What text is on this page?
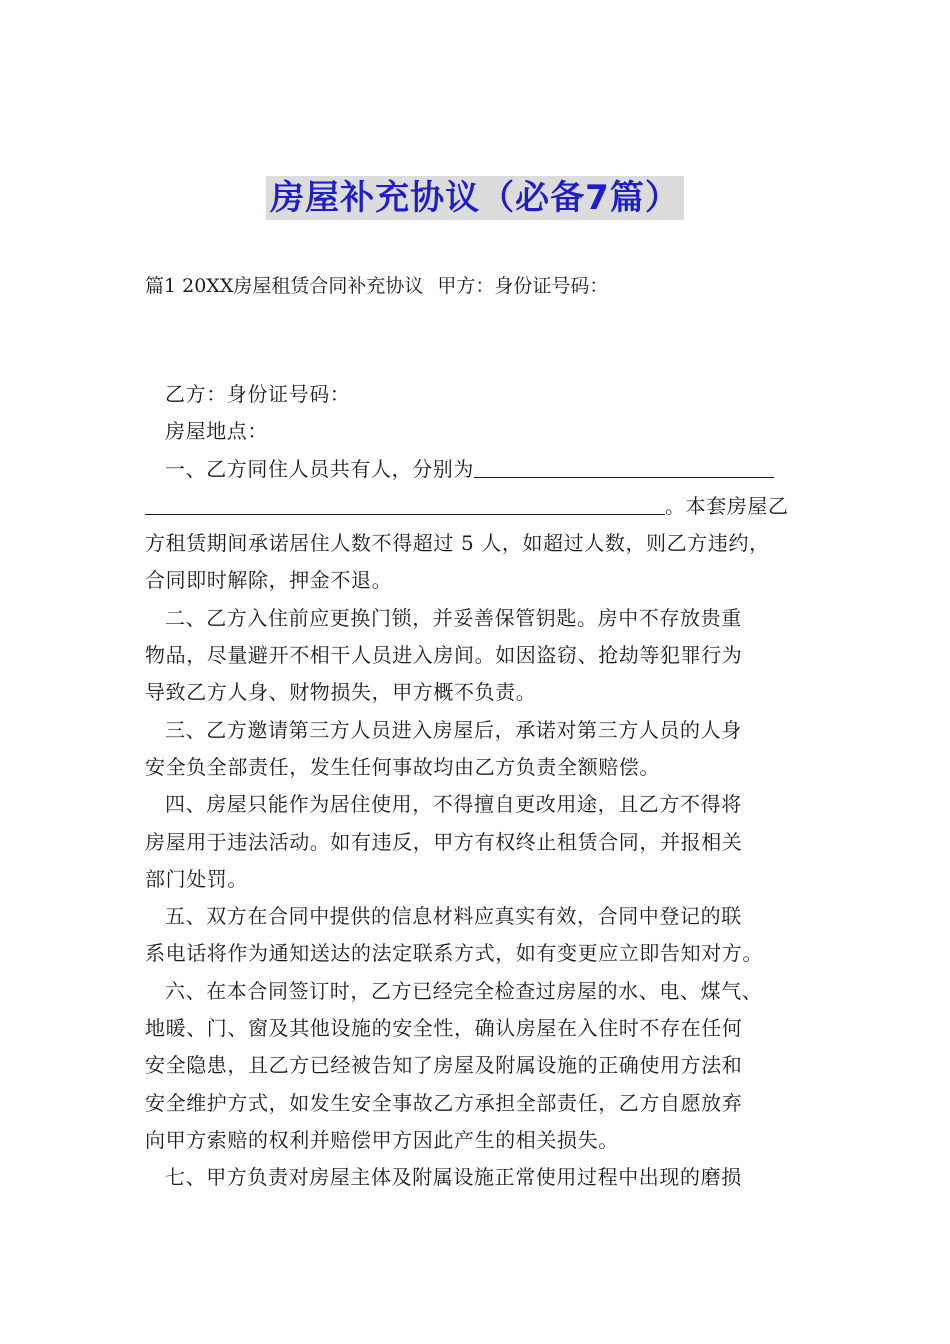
房屋补充协议（必备7篇）
篇1 20XX房屋租赁合同补充协议 甲方：身份证号码：
乙方：身份证号码：
房屋地点：
一、乙方同住人员共有人，分别为
。本套房屋乙
方租赁期间承诺居住人数不得超过 5 人，如超过人数，则乙方违约，
合同即时解除，押金不退。
二、乙方入住前应更换门锁，并妥善保管钥匙。房中不存放贵重
物品，尽量避开不相干人员进入房间。如因盗窃、抢劫等犯罪行为
导致乙方人身、财物损失，甲方概不负责。
三、乙方邀请第三方人员进入房屋后，承诺对第三方人员的人身
安全负全部责任，发生任何事故均由乙方负责全额赔偿。
四、房屋只能作为居住使用，不得擅自更改用途，且乙方不得将
房屋用于违法活动。如有违反，甲方有权终止租赁合同，并报相关
部门处罚。
五、双方在合同中提供的信息材料应真实有效，合同中登记的联
系电话将作为通知送达的法定联系方式，如有变更应立即告知对方。
六、在本合同签订时，乙方已经完全检查过房屋的水、电、煤气、
地暖、门、窗及其他设施的安全性，确认房屋在入住时不存在任何
安全隐患，且乙方已经被告知了房屋及附属设施的正确使用方法和
安全维护方式，如发生安全事故乙方承担全部责任，乙方自愿放弃
向甲方索赔的权利并赔偿甲方因此产生的相关损失。
七、甲方负责对房屋主体及附属设施正常使用过程中出现的磨损
